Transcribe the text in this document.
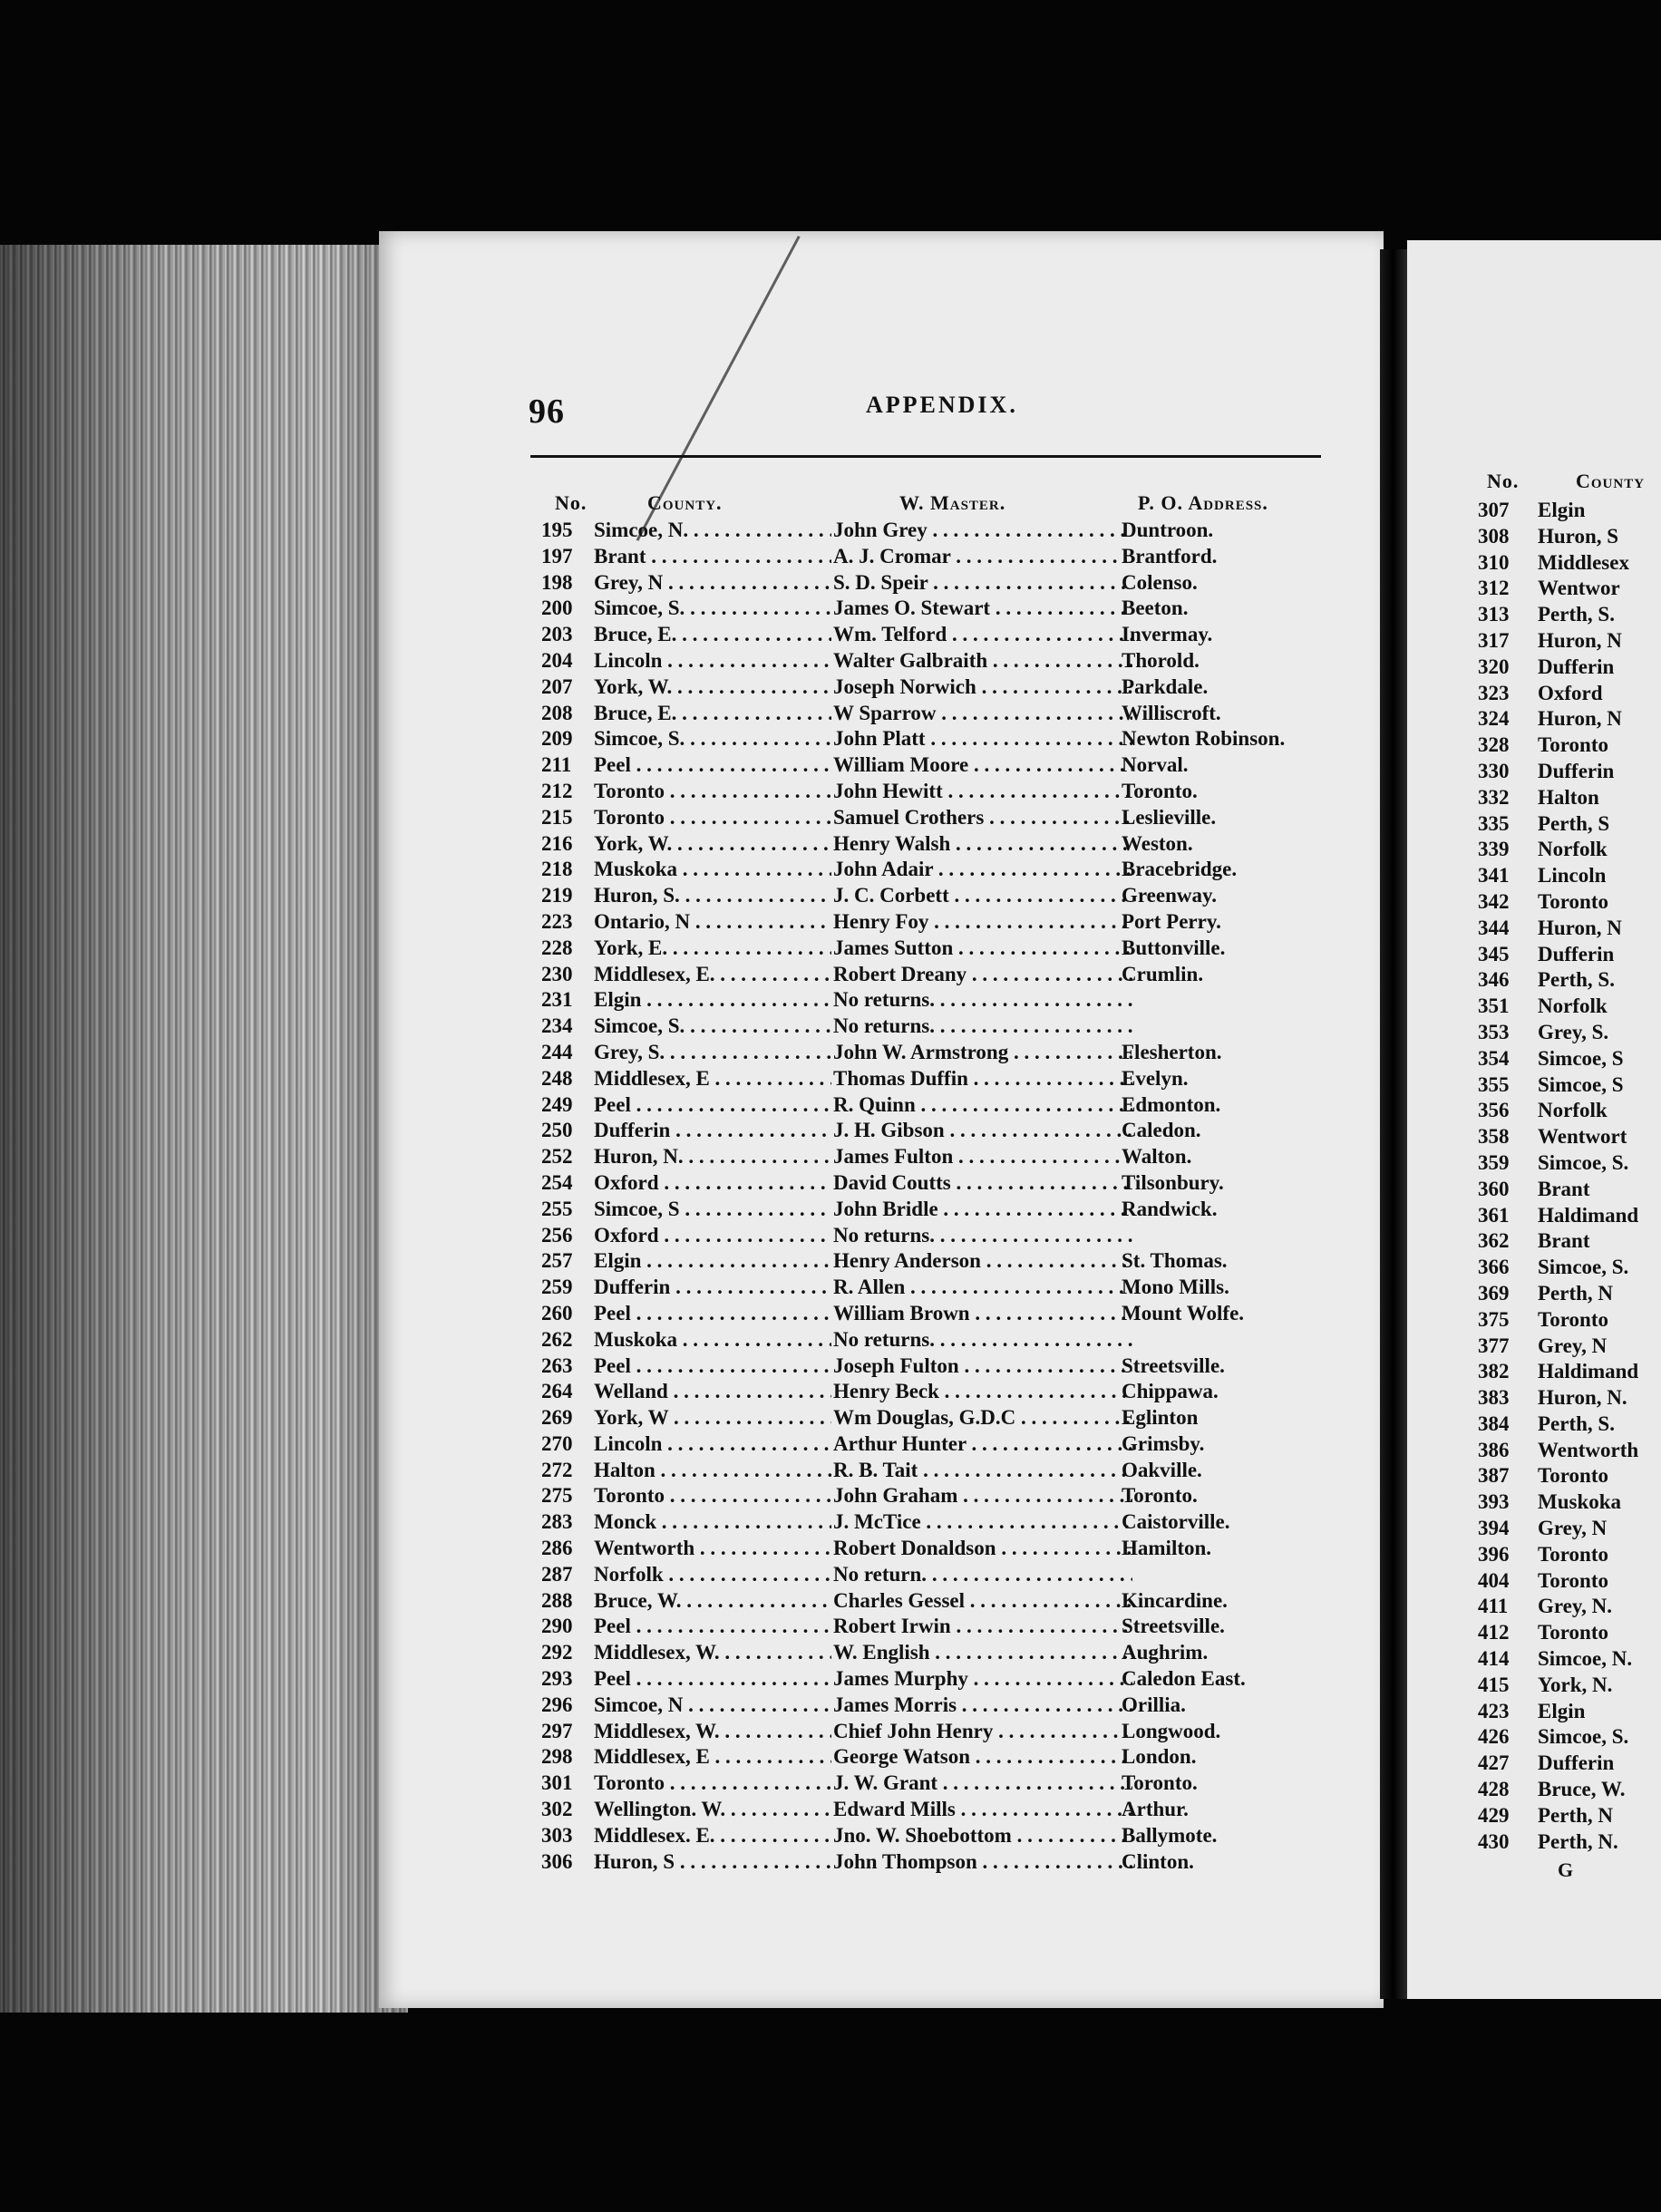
96	APPENDIX.
No.	County.	W. Master.	P. O. Address.
195 Simcoe, N. . . .	John Grey . . .	Duntroon.
197 Brant . . .	A. J. Cromar . . .	Brantford.
198 Grey, N . . .	S. D. Speir . . .	Colenso.
200 Simcoe, S. . . .	James O. Stewart . . .	Beeton.
203 Bruce, E. . . .	Wm. Telford . . .	Invermay.
204 Lincoln . . .	Walter Galbraith . . .	Thorold.
207 York, W. . . .	Joseph Norwich . . .	Parkdale.
208 Bruce, E. . . .	W Sparrow . . .	Williscroft.
209 Simcoe, S. . . .	John Platt . . .	Newton Robinson.
211 Peel . . .	William Moore . . .	Norval.
212 Toronto . . .	John Hewitt . . .	Toronto.
215 Toronto . . .	Samuel Crothers . . .	Leslieville.
216 York, W. . . .	Henry Walsh . . .	Weston.
218 Muskoka . . .	John Adair . . .	Bracebridge.
219 Huron, S. . . .	J. C. Corbett . . .	Greenway.
223 Ontario, N . . .	Henry Foy . . .	Port Perry.
228 York, E. . . .	James Sutton . . .	Buttonville.
230 Middlesex, E. . . .	Robert Dreany . . .	Crumlin.
231 Elgin . . .	No returns. . . .
234 Simcoe, S. . . .	No returns. . . .
244 Grey, S. . . .	John W. Armstrong . . .	Flesherton.
248 Middlesex, E . . .	Thomas Duffin . . .	Evelyn.
249 Peel . . .	R. Quinn . . .	Edmonton.
250 Dufferin . . .	J. H. Gibson . . .	Caledon.
252 Huron, N. . . .	James Fulton . . .	Walton.
254 Oxford . . .	David Coutts . . .	Tilsonbury.
255 Simcoe, S . . .	John Bridle . . .	Randwick.
256 Oxford . . .	No returns. . . .
257 Elgin . . .	Henry Anderson . . .	St. Thomas.
259 Dufferin . . .	R. Allen . . .	Mono Mills.
260 Peel . . .	William Brown . . .	Mount Wolfe.
262 Muskoka . . .	No returns. . . .
263 Peel . . .	Joseph Fulton . . .	Streetsville.
264 Welland . . .	Henry Beck . . .	Chippawa.
269 York, W . . .	Wm Douglas, G.D.C . . .	Eglinton
270 Lincoln . . .	Arthur Hunter . . .	Grimsby.
272 Halton . . .	R. B. Tait . . .	Oakville.
275 Toronto . . .	John Graham . . .	Toronto.
283 Monck . . .	J. McTice . . .	Caistorville.
286 Wentworth . . .	Robert Donaldson . . .	Hamilton.
287 Norfolk . . .	No return. . . .
288 Bruce, W. . . .	Charles Gessel . . .	Kincardine.
290 Peel . . .	Robert Irwin . . .	Streetsville.
292 Middlesex, W. . . .	W. English . . .	Aughrim.
293 Peel . . .	James Murphy . . .	Caledon East.
296 Simcoe, N . . .	James Morris . . .	Orillia.
297 Middlesex, W. . . .	Chief John Henry . . .	Longwood.
298 Middlesex, E . . .	George Watson . . .	London.
301 Toronto . . .	J. W. Grant . . .	Toronto.
302 Wellington. W. . . .	Edward Mills . . .	Arthur.
303 Middlesex. E. . . .	Jno. W. Shoebottom . . .	Ballymote.
306 Huron, S . . .	John Thompson . . .	Clinton.
No.	County
307 Elgin
308 Huron, S
310 Middlesex
312 Wentwor
313 Perth, S.
317 Huron, N
320 Dufferin
323 Oxford
324 Huron, N
328 Toronto
330 Dufferin
332 Halton
335 Perth, S
339 Norfolk
341 Lincoln
342 Toronto
344 Huron, N
345 Dufferin
346 Perth, S.
351 Norfolk
353 Grey, S.
354 Simcoe, S
355 Simcoe, S
356 Norfolk
358 Wentwort
359 Simcoe, S.
360 Brant
361 Haldimand
362 Brant
366 Simcoe, S.
369 Perth, N
375 Toronto
377 Grey, N
382 Haldimand
383 Huron, N.
384 Perth, S.
386 Wentworth
387 Toronto
393 Muskoka
394 Grey, N
396 Toronto
404 Toronto
411 Grey, N.
412 Toronto
414 Simcoe, N.
415 York, N.
423 Elgin
426 Simcoe, S.
427 Dufferin
428 Bruce, W.
429 Perth, N
430 Perth, N.
G
